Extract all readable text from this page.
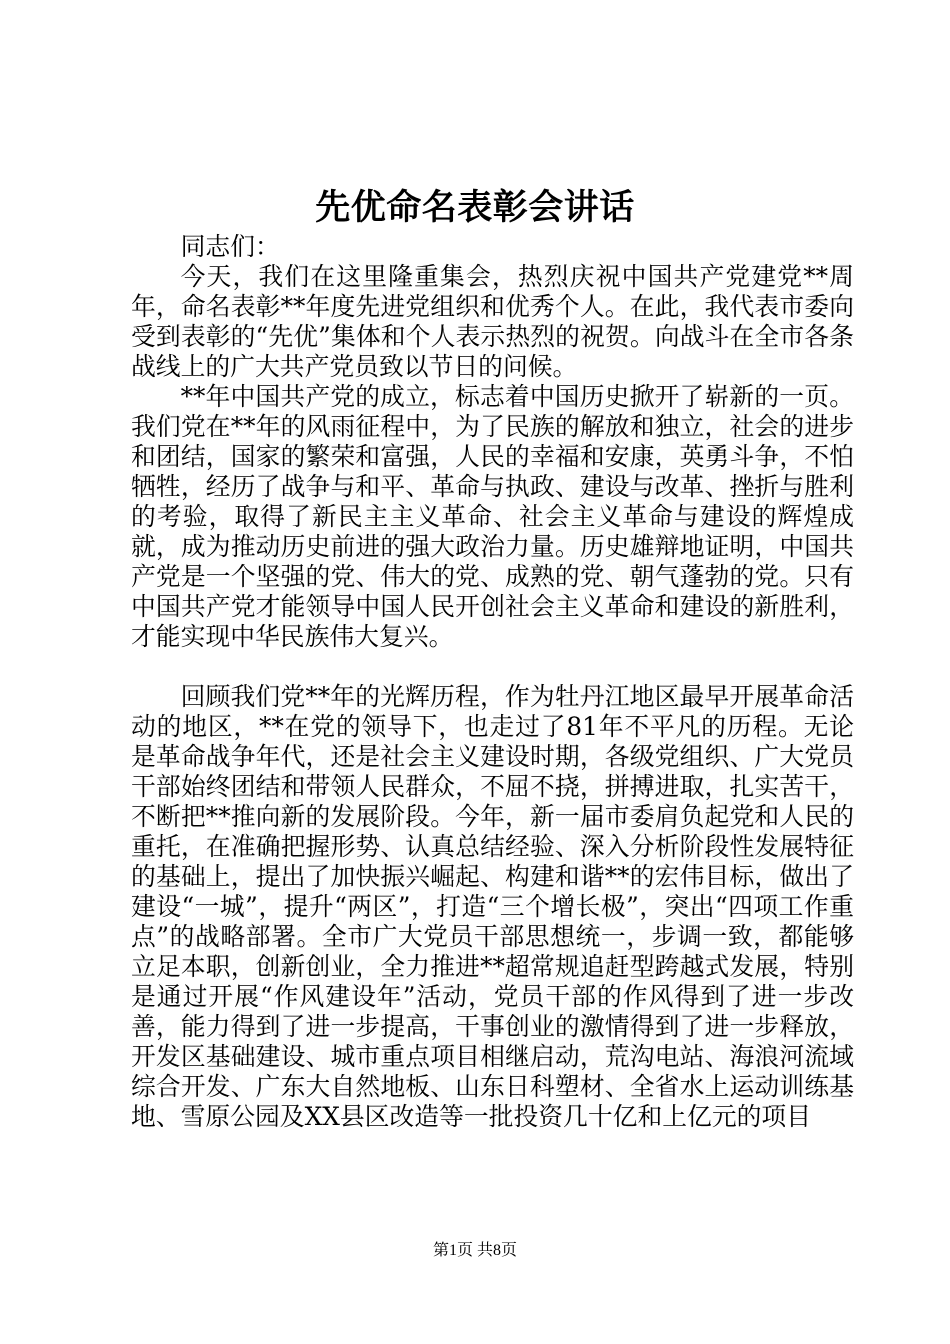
先优命名表彰会讲话

同志们：

今天，我们在这里隆重集会，热烈庆祝中国共产党建党**周年，命名表彰**年度先进党组织和优秀个人。在此，我代表市委向受到表彰的“先优”集体和个人表示热烈的祝贺。向战斗在全市各条战线上的广大共产党员致以节日的问候。

**年中国共产党的成立，标志着中国历史掀开了崭新的一页。我们党在**年的风雨征程中，为了民族的解放和独立，社会的进步和团结，国家的繁荣和富强，人民的幸福和安康，英勇斗争，不怕牺牲，经历了战争与和平、革命与执政、建设与改革、挫折与胜利的考验，取得了新民主主义革命、社会主义革命与建设的辉煌成就，成为推动历史前进的强大政治力量。历史雄辩地证明，中国共产党是一个坚强的党、伟大的党、成熟的党、朝气蓬勃的党。只有中国共产党才能领导中国人民开创社会主义革命和建设的新胜利，才能实现中华民族伟大复兴。

回顾我们党**年的光辉历程，作为牡丹江地区最早开展革命活动的地区，**在党的领导下，也走过了81年不平凡的历程。无论是革命战争年代，还是社会主义建设时期，各级党组织、广大党员干部始终团结和带领人民群众，不屈不挠，拼搏进取，扎实苦干，不断把**推向新的发展阶段。今年，新一届市委肩负起党和人民的重托，在准确把握形势、认真总结经验、深入分析阶段性发展特征的基础上，提出了加快振兴崛起、构建和谐**的宏伟目标，做出了建设“一城”，提升“两区”，打造“三个增长极”，突出“四项工作重点”的战略部署。全市广大党员干部思想统一，步调一致，都能够立足本职，创新创业，全力推进**超常规追赶型跨越式发展，特别是通过开展“作风建设年”活动，党员干部的作风得到了进一步改善，能力得到了进一步提高，干事创业的激情得到了进一步释放，开发区基础建设、城市重点项目相继启动，荒沟电站、海浪河流域综合开发、广东大自然地板、山东日科塑材、全省水上运动训练基地、雪原公园及XX县区改造等一批投资几十亿和上亿元的项目

第1页 共8页
